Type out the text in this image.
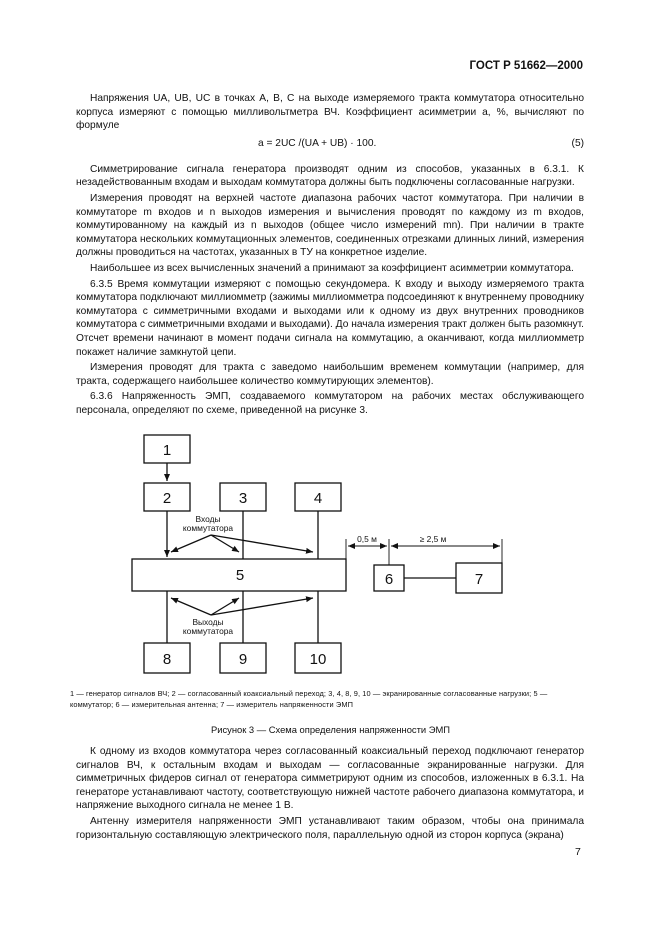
ГОСТ Р 51662—2000

Напряжения UA, UB, UC в точках A, B, C на выходе измеряемого тракта коммутатора относительно корпуса измеряют с помощью милливольтметра ВЧ. Коэффициент асимметрии a, %, вычисляют по формуле

a = 2UC /(UA + UB) · 100.	(5)

Симметрирование сигнала генератора производят одним из способов, указанных в 6.3.1. К незадействованным входам и выходам коммутатора должны быть подключены согласованные нагрузки.

Измерения проводят на верхней частоте диапазона рабочих частот коммутатора. При наличии в коммутаторе m входов и n выходов измерения и вычисления проводят по каждому из m входов, коммутированному на каждый из n выходов (общее число измерений mn). При наличии в тракте коммутатора нескольких коммутационных элементов, соединенных отрезками длинных линий, измерения должны проводиться на частотах, указанных в ТУ на конкретное изделие.

Наибольшее из всех вычисленных значений a принимают за коэффициент асимметрии коммутатора.

6.3.5 Время коммутации измеряют с помощью секундомера. К входу и выходу измеряемого тракта коммутатора подключают миллиомметр (зажимы миллиомметра подсоединяют к внутреннему проводнику коммутатора с симметричными входами и выходами или к одному из двух внутренних проводников коммутатора с симметричными входами и выходами). До начала измерения тракт должен быть разомкнут. Отсчет времени начинают в момент подачи сигнала на коммутацию, а оканчивают, когда миллиомметр покажет наличие замкнутой цепи.

Измерения проводят для тракта с заведомо наибольшим временем коммутации (например, для тракта, содержащего наибольшее количество коммутирующих элементов).

6.3.6 Напряженность ЭМП, создаваемого коммутатором на рабочих местах обслуживающего персонала, определяют по схеме, приведенной на рисунке 3.

1
2	3	4
5	6	7
8	9	10
Входы
коммутатора
Выходы
коммутатора
0,5 м	≥ 2,5 м
1 — генератор сигналов ВЧ; 2 — согласованный коаксиальный переход; 3, 4, 8, 9, 10 — экранированные согласованные нагрузки; 5 — коммутатор; 6 — измерительная антенна; 7 — измеритель напряженности ЭМП
Рисунок 3 — Схема определения напряженности ЭМП

К одному из входов коммутатора через согласованный коаксиальный переход подключают генератор сигналов ВЧ, к остальным входам и выходам — согласованные экранированные нагрузки. Для симметричных фидеров сигнал от генератора симметрируют одним из способов, изложенных в 6.3.1. На генераторе устанавливают частоту, соответствующую нижней частоте рабочего диапазона коммутатора, и напряжение выходного сигнала не менее 1 В.

Антенну измерителя напряженности ЭМП устанавливают таким образом, чтобы она принимала горизонтальную составляющую электрического поля, параллельную одной из сторон корпуса (экрана)

7
